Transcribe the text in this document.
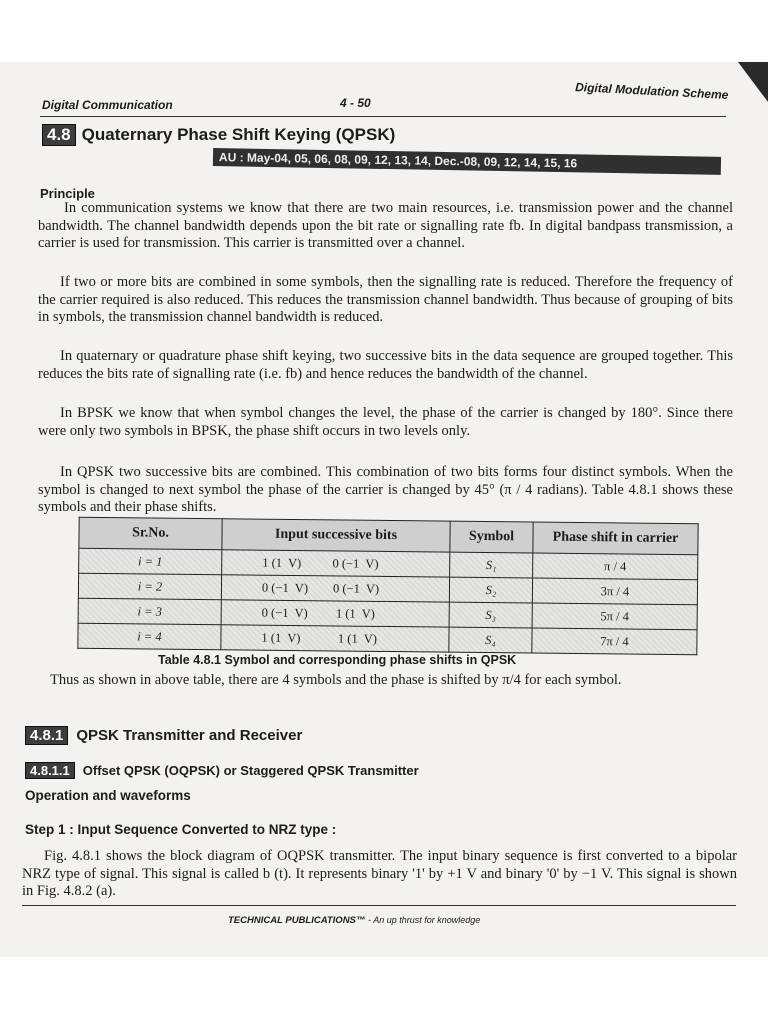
Digital Communication	4 - 50
Digital Modulation Scheme
4.8 Quaternary Phase Shift Keying (QPSK)
AU : May-04, 05, 06, 08, 09, 12, 13, 14, Dec.-08, 09, 12, 14, 15, 16
Principle

In communication systems we know that there are two main resources, i.e. transmission power and the channel bandwidth. The channel bandwidth depends upon the bit rate or signalling rate fb. In digital bandpass transmission, a carrier is used for transmission. This carrier is transmitted over a channel.

If two or more bits are combined in some symbols, then the signalling rate is reduced. Therefore the frequency of the carrier required is also reduced. This reduces the transmission channel bandwidth. Thus because of grouping of bits in symbols, the transmission channel bandwidth is reduced.

In quaternary or quadrature phase shift keying, two successive bits in the data sequence are grouped together. This reduces the bits rate of signalling rate (i.e. fb) and hence reduces the bandwidth of the channel.

In BPSK we know that when symbol changes the level, the phase of the carrier is changed by 180°. Since there were only two symbols in BPSK, the phase shift occurs in two levels only.

In QPSK two successive bits are combined. This combination of two bits forms four distinct symbols. When the symbol is changed to next symbol the phase of the carrier is changed by 45° (π / 4 radians). Table 4.8.1 shows these symbols and their phase shifts.

Sr.No.	Input successive bits	Symbol	Phase shift in carrier
i = 1	1 (1  V)          0 (−1  V)	S₁	π / 4
i = 2	0 (−1  V)        0 (−1  V)	S₂	3π / 4
i = 3	0 (−1  V)         1 (1  V)	S₃	5π / 4
i = 4	1 (1  V)            1 (1  V)	S₄	7π / 4
Table 4.8.1 Symbol and corresponding phase shifts in QPSK

Thus as shown in above table, there are 4 symbols and the phase is shifted by π/4 for each symbol.

4.8.1 QPSK Transmitter and Receiver
4.8.1.1 Offset QPSK (OQPSK) or Staggered QPSK Transmitter
Operation and waveforms
Step 1 : Input Sequence Converted to NRZ type :

Fig. 4.8.1 shows the block diagram of OQPSK transmitter. The input binary sequence is first converted to a bipolar NRZ type of signal. This signal is called b (t). It represents binary '1' by +1 V and binary '0' by −1 V. This signal is shown in Fig. 4.8.2 (a).

TECHNICAL PUBLICATIONS™ - An up thrust for knowledge
